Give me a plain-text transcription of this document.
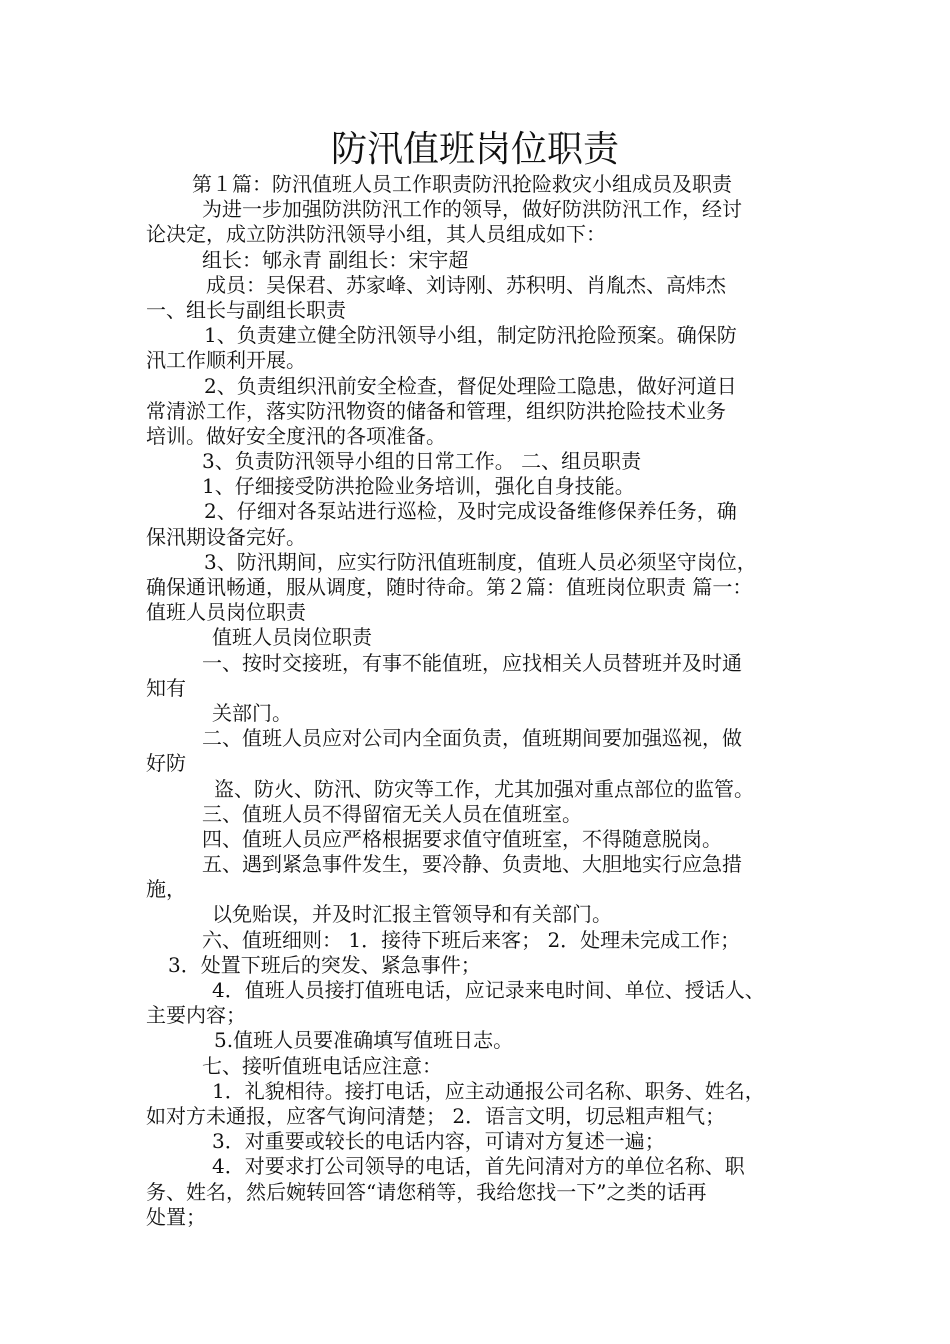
防汛值班岗位职责
第１篇：防汛值班人员工作职责防汛抢险救灾小组成员及职责
为进一步加强防洪防汛工作的领导，做好防洪防汛工作，经讨
论决定，成立防洪防汛领导小组，其人员组成如下：
组长：郇永青 副组长：宋宇超
成员：吴保君、苏家峰、刘诗刚、苏积明、肖胤杰、高炜杰
一、组长与副组长职责
1、负责建立健全防汛领导小组，制定防汛抢险预案。确保防
汛工作顺利开展。
2、负责组织汛前安全检查，督促处理险工隐患，做好河道日
常清淤工作，落实防汛物资的储备和管理，组织防洪抢险技术业务
培训。做好安全度汛的各项准备。
3、负责防汛领导小组的日常工作。 二、组员职责
1、仔细接受防洪抢险业务培训，强化自身技能。
2、仔细对各泵站进行巡检，及时完成设备维修保养任务，确
保汛期设备完好。
3、防汛期间，应实行防汛值班制度，值班人员必须坚守岗位，
确保通讯畅通，服从调度，随时待命。第２篇：值班岗位职责 篇一：
值班人员岗位职责
值班人员岗位职责
一、按时交接班，有事不能值班，应找相关人员替班并及时通
知有
关部门。
二、值班人员应对公司内全面负责，值班期间要加强巡视，做
好防
盗、防火、防汛、防灾等工作，尤其加强对重点部位的监管。
三、值班人员不得留宿无关人员在值班室。
四、值班人员应严格根据要求值守值班室，不得随意脱岗。
五、遇到紧急事件发生，要冷静、负责地、大胆地实行应急措
施，
以免贻误，并及时汇报主管领导和有关部门。
六、值班细则： 1．接待下班后来客； 2．处理未完成工作；
3．处置下班后的突发、紧急事件；
4．值班人员接打值班电话，应记录来电时间、单位、授话人、
主要内容；
5.值班人员要准确填写值班日志。
七、接听值班电话应注意：
1．礼貌相待。接打电话，应主动通报公司名称、职务、姓名，
如对方未通报，应客气询问清楚； 2．语言文明，切忌粗声粗气；
3．对重要或较长的电话内容，可请对方复述一遍；
4．对要求打公司领导的电话，首先问清对方的单位名称、职
务、姓名，然后婉转回答“请您稍等，我给您找一下”之类的话再
处置；
